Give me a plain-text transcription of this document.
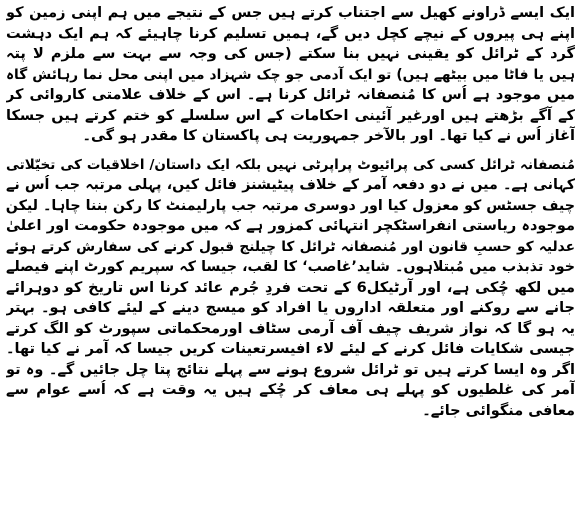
ایک ایسے ڈراونے کھیل سے اجتناب کرتے ہیں جس کے نتیجے میں ہم اپنی زمین کو
اپنے ہی پیروں کے نیچے کچل دیں گے، ہمیں تسلیم کرنا چاہیئے کہ ہم ایک دہشت
گرد کے ٹرائل کو یقینی نہیں بنا سکتے (جس کی وجہ سے بہت سے ملزم لا پتہ
ہیں یا فاٹا میں بیٹھے ہیں) تو ایک آدمی جو چک شہزاد میں اپنی محل نما رہائش گاہ
میں موجود ہے اُس کا مُنصفانہ ٹرائل کرنا ہے۔ اس کے خلاف علامتی کاروائی کر
کے آگے بڑھتے ہیں اورغیر آئینی احکامات کے اس سلسلے کو ختم کرتے ہیں جسکا
آغاز اُس نے کیا تھا۔ اور بالآخر جمہوریت ہی پاکستان کا مقدر ہو گی۔

مُنصفانہ ٹرائل کسی کی پرائیوٹ پراپرٹی نہیں بلکہ ایک داستان/ اخلاقیات کی تخیّلاتی
کہانی ہے۔ میں نے دو دفعہ آمر کے خلاف پیٹیشنز فائل کیں، پہلی مرتبہ جب اُس نے
چیف جسٹس کو معزول کیا اور دوسری مرتبہ جب پارلیمنٹ کا رکن بننا چاہا۔ لیکن
موجودہ ریاستی انفراسٹکچر انتہائی کمزور ہے کہ میں موجودہ حکومت اور اعلیٰ
عدلیہ کو حسبِ قانون اور مُنصفانہ ٹرائل کا چیلنج قبول کرنے کی سفارش کرتے ہوئے
خود تذبذب میں مُبتلاہوں۔ شاید’غاصب‘ کا لقب، جیسا کہ سپریم کورٹ اپنے فیصلے
میں لکھ چُکی ہے، اور آرٹیکل6 کے تحت فردِ جُرم عائد کرنا اس تاریخ کو دوہرائے
جانے سے روکنے اور متعلقہ اداروں یا افراد کو میسج دینے کے لیئے کافی ہو۔ بہتر
یہ ہو گا کہ نواز شریف چیف آف آرمی سٹاف اورمحکماتی سپورٹ کو الگ کرتے
جیسی شکایات فائل کرنے کے لیئے لاء افیسرتعینات کریں جیسا کہ آمر نے کیا تھا۔
اگر وہ ایسا کرتے ہیں تو ٹرائل شروع ہونے سے پہلے نتائج پتا چل جائیں گے۔ وہ تو
آمر کی غلطیوں کو پہلے ہی معاف کر چُکے ہیں یہ وقت ہے کہ اُسے عوام سے
معافی منگوائی جائے۔
